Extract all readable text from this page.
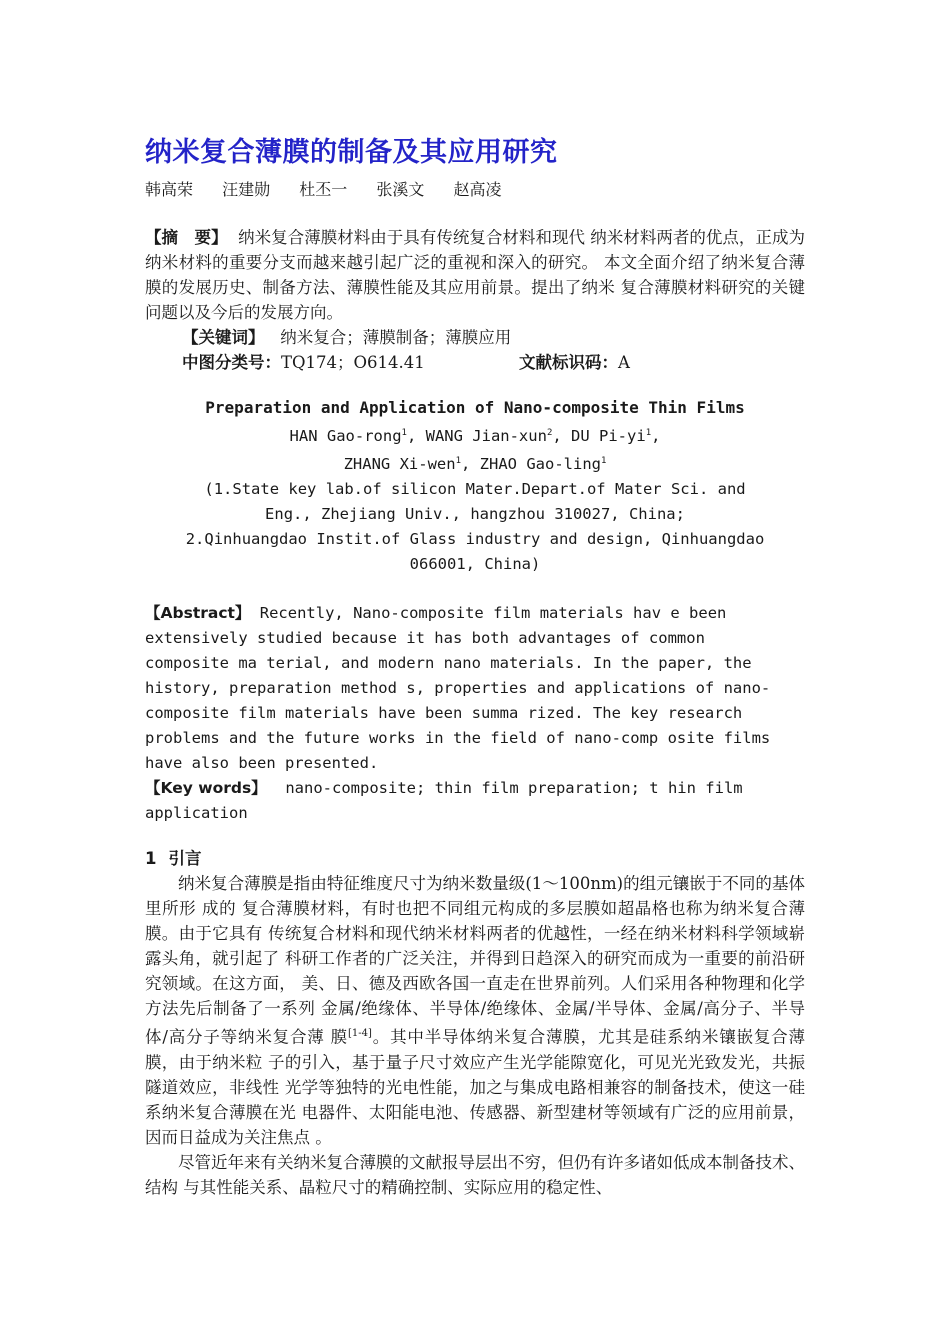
纳米复合薄膜的制备及其应用研究
韩高荣 汪建勋 杜丕一 张溪文 赵高凌
【摘　要】 纳米复合薄膜材料由于具有传统复合材料和现代 纳米材料两者的优点，正成为纳米材料的重要分支而越来越引起广泛的重视和深入的研究。 本文全面介绍了纳米复合薄膜的发展历史、制备方法、薄膜性能及其应用前景。提出了纳米 复合薄膜材料研究的关键问题以及今后的发展方向。
【关键词】 纳米复合；薄膜制备；薄膜应用
中图分类号：TQ174；O614.41	文献标识码：A
Preparation and Application of Nano-composite Thin Films
HAN Gao-rong$^1$, WANG Jian-xun$^2$, DU $Pi-yi^1$,
ZHANG Xi-wen$^1$, ZHAO Gao-ling$^1$
(1.State key lab.of silicon Mater.Depart.of Mater Sci. and
Eng., Zhejiang Univ., hangzhou 310027, China;
2.Qinhuangdao Instit.of Glass industry and design, Qinhuangdao
066001, China)
【Abstract】 Recently, Nano-composite film materials hav e been
extensively studied because it has both advantages of common
composite ma terial, and modern nano materials. In the paper, the
history, preparation method s, properties and applications of nano-
composite film materials have been summa rized. The key research
problems and the future works in the field of nano-comp osite films
have also been presented.
【Key words】  nano-composite; thin film preparation; t hin film
application
1 引言
纳米复合薄膜是指由特征维度尺寸为纳米数量级(1～100nm)的组元镶嵌于不同的基体里所形 成的 复合薄膜材料，有时也把不同组元构成的多层膜如超晶格也称为纳米复合薄膜。由于它具有 传统复合材料和现代纳米材料两者的优越性，一经在纳米材料科学领域崭露头角，就引起了 科研工作者的广泛关注，并得到日趋深入的研究而成为一重要的前沿研究领域。在这方面， 美、日、德及西欧各国一直走在世界前列。人们采用各种物理和化学方法先后制备了一系列 金属/绝缘体、半导体/绝缘体、金属/半导体、金属/高分子、半导体/高分子等纳米复合薄 膜[1-4]。其中半导体纳米复合薄膜，尤其是硅系纳米镶嵌复合薄膜，由于纳米粒 子的引入，基于量子尺寸效应产生光学能隙宽化，可见光光致发光，共振隧道效应，非线性 光学等独特的光电性能，加之与集成电路相兼容的制备技术，使这一硅系纳米复合薄膜在光 电器件、太阳能电池、传感器、新型建材等领域有广泛的应用前景，因而日益成为关注焦点 。
尽管近年来有关纳米复合薄膜的文献报导层出不穷，但仍有许多诸如低成本制备技术、结构 与其性能关系、晶粒尺寸的精确控制、实际应用的稳定性、
